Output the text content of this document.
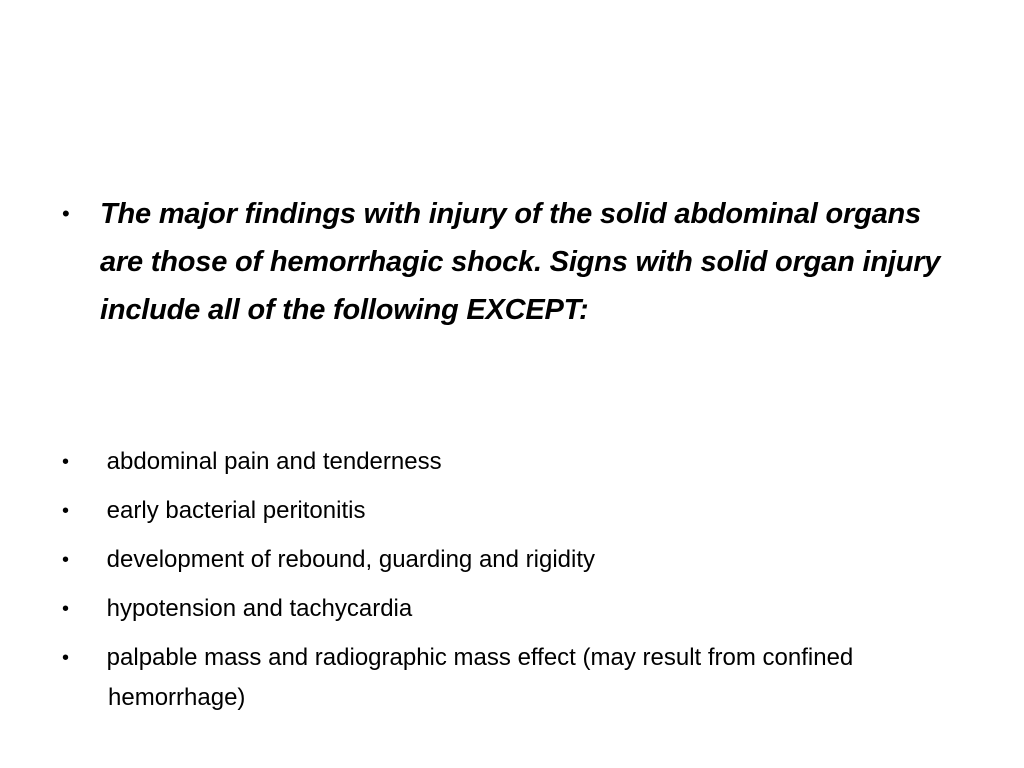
•	The major findings with injury of the solid abdominal organs are those of hemorrhagic shock. Signs with solid organ injury include all of the following EXCEPT:
•	abdominal pain and tenderness
•	early bacterial peritonitis
•	development of rebound, guarding and rigidity
•	hypotension and tachycardia
•	palpable mass and radiographic mass effect (may result from confined hemorrhage)
